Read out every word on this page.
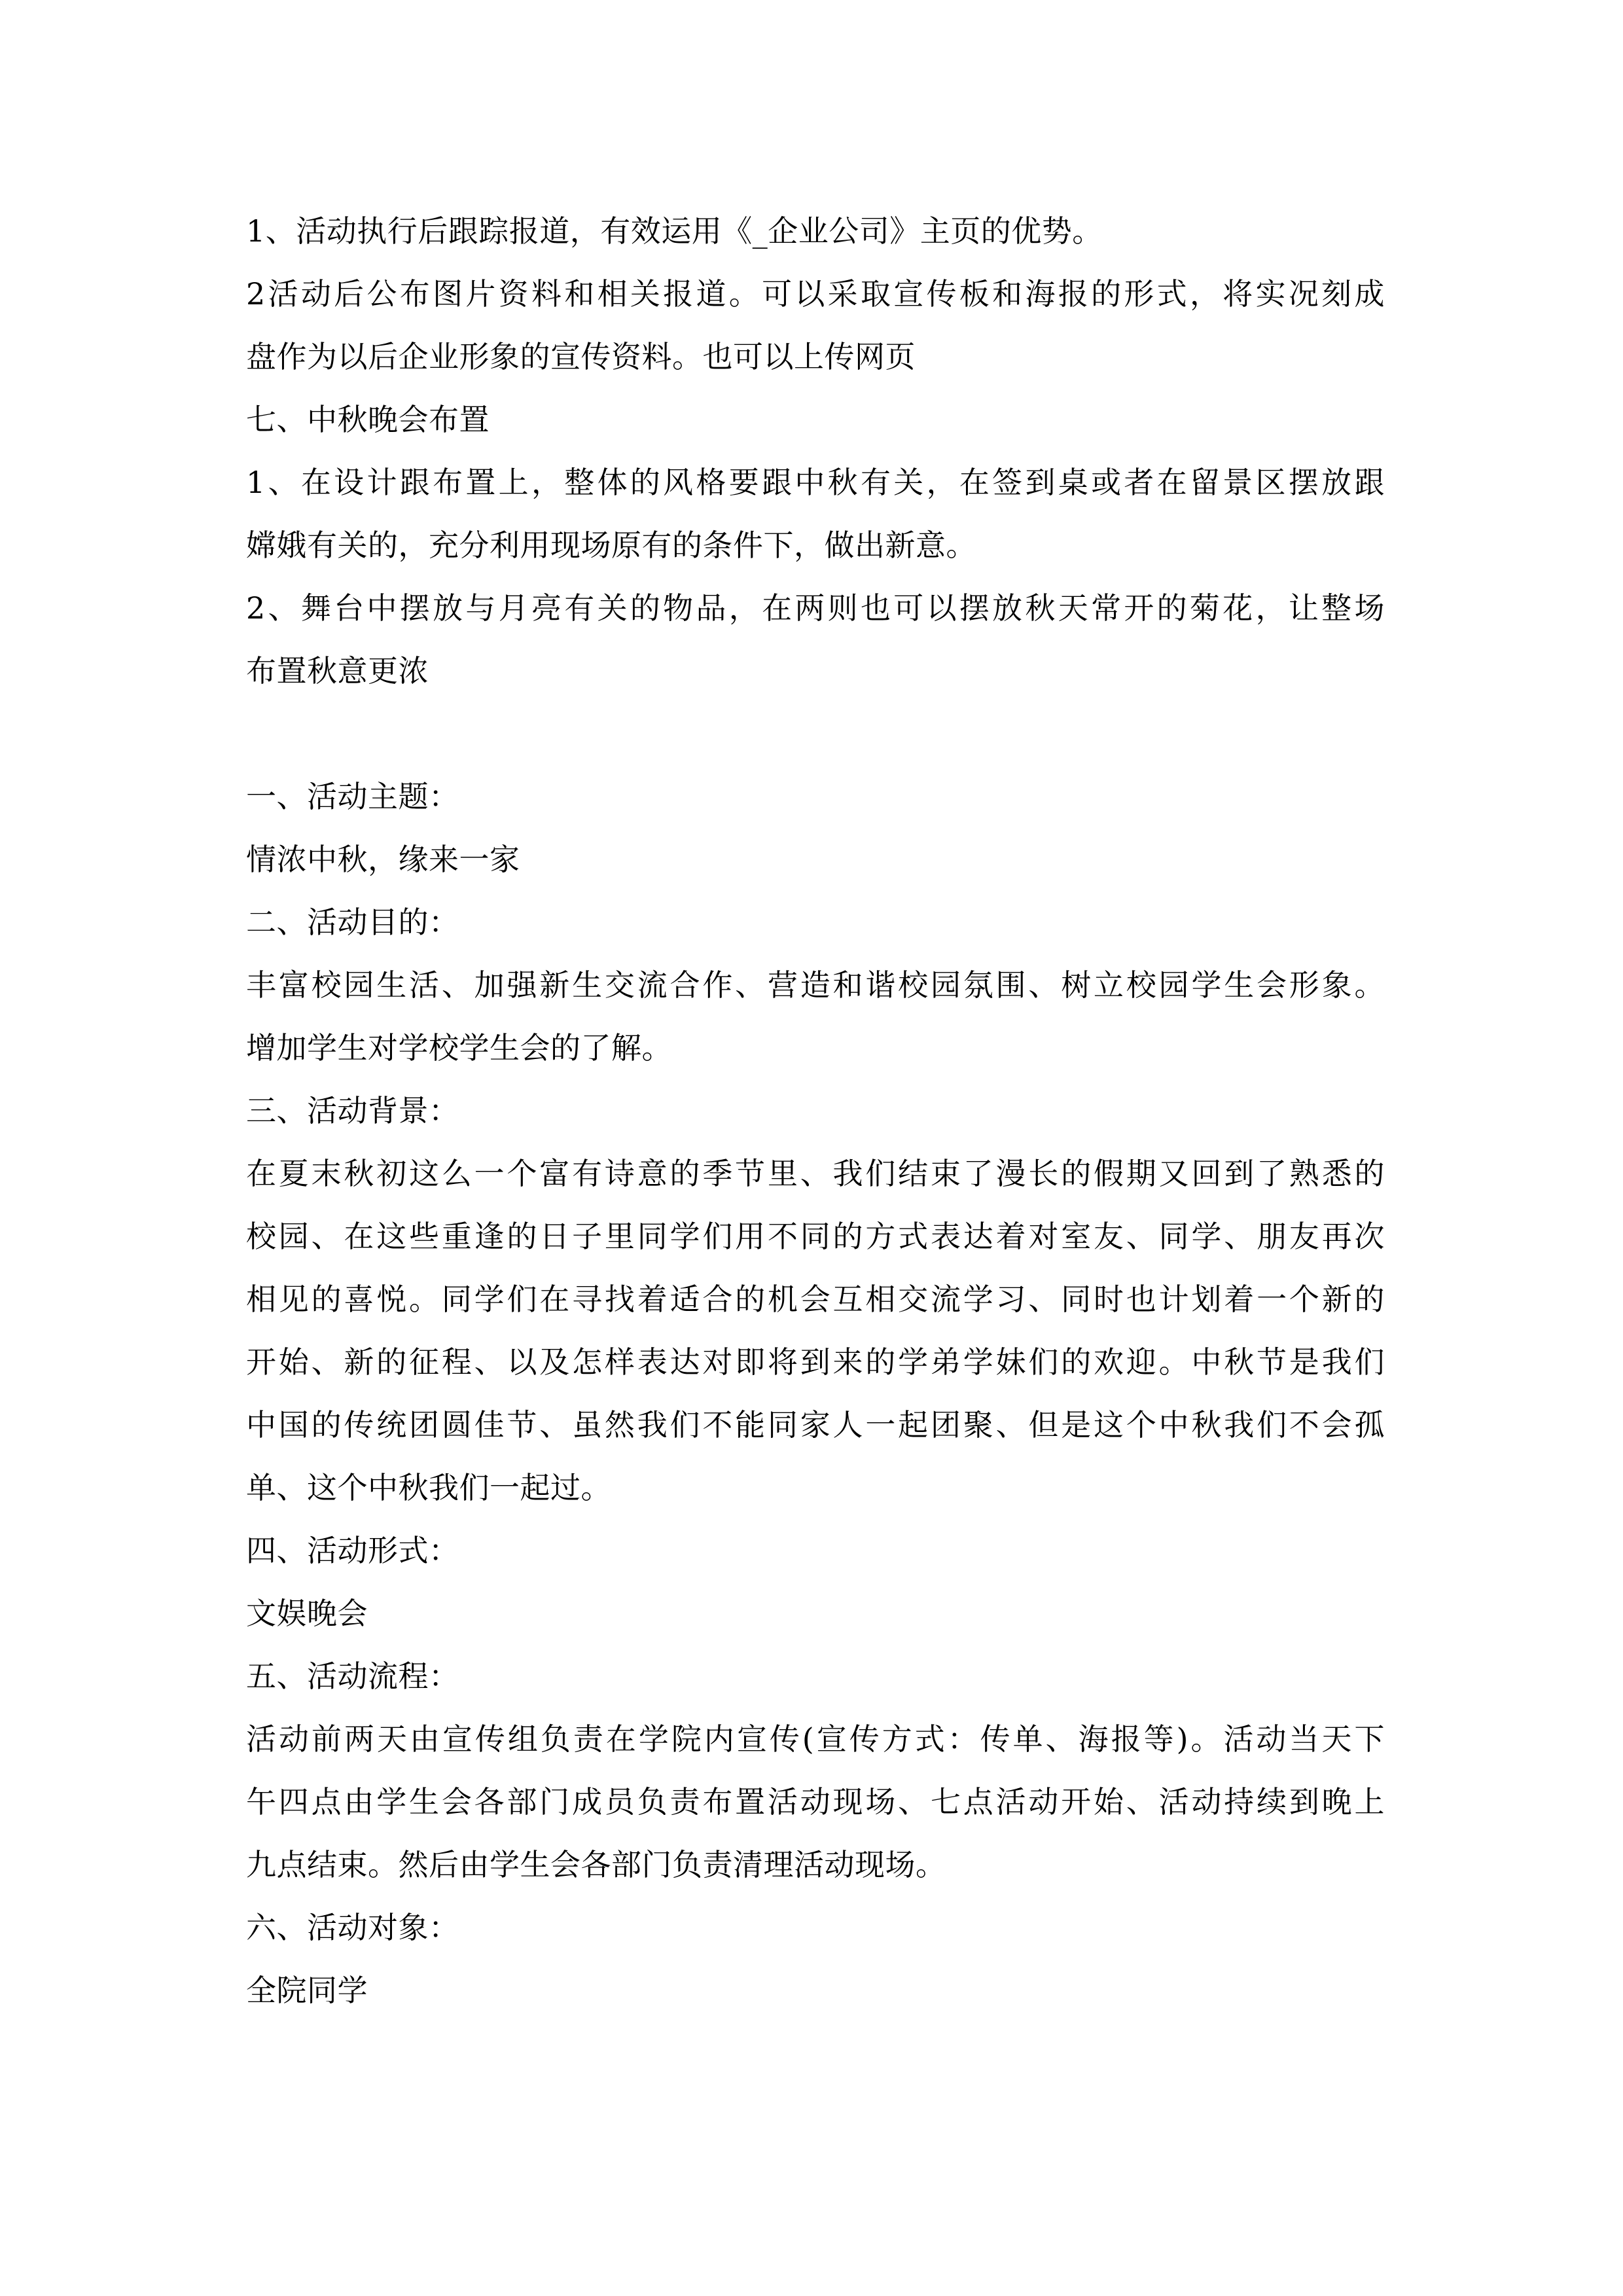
1、活动执行后跟踪报道，有效运用《_企业公司》主页的优势。
2活动后公布图片资料和相关报道。可以采取宣传板和海报的形式，将实况刻成
盘作为以后企业形象的宣传资料。也可以上传网页
七、中秋晚会布置
1、在设计跟布置上，整体的风格要跟中秋有关，在签到桌或者在留景区摆放跟
嫦娥有关的，充分利用现场原有的条件下，做出新意。
2、舞台中摆放与月亮有关的物品，在两则也可以摆放秋天常开的菊花，让整场
布置秋意更浓
一、活动主题：
情浓中秋，缘来一家
二、活动目的：
丰富校园生活、加强新生交流合作、营造和谐校园氛围、树立校园学生会形象。
增加学生对学校学生会的了解。
三、活动背景：
在夏末秋初这么一个富有诗意的季节里、我们结束了漫长的假期又回到了熟悉的
校园、在这些重逢的日子里同学们用不同的方式表达着对室友、同学、朋友再次
相见的喜悦。同学们在寻找着适合的机会互相交流学习、同时也计划着一个新的
开始、新的征程、以及怎样表达对即将到来的学弟学妹们的欢迎。中秋节是我们
中国的传统团圆佳节、虽然我们不能同家人一起团聚、但是这个中秋我们不会孤
单、这个中秋我们一起过。
四、活动形式：
文娱晚会
五、活动流程：
活动前两天由宣传组负责在学院内宣传(宣传方式：传单、海报等)。活动当天下
午四点由学生会各部门成员负责布置活动现场、七点活动开始、活动持续到晚上
九点结束。然后由学生会各部门负责清理活动现场。
六、活动对象：
全院同学
